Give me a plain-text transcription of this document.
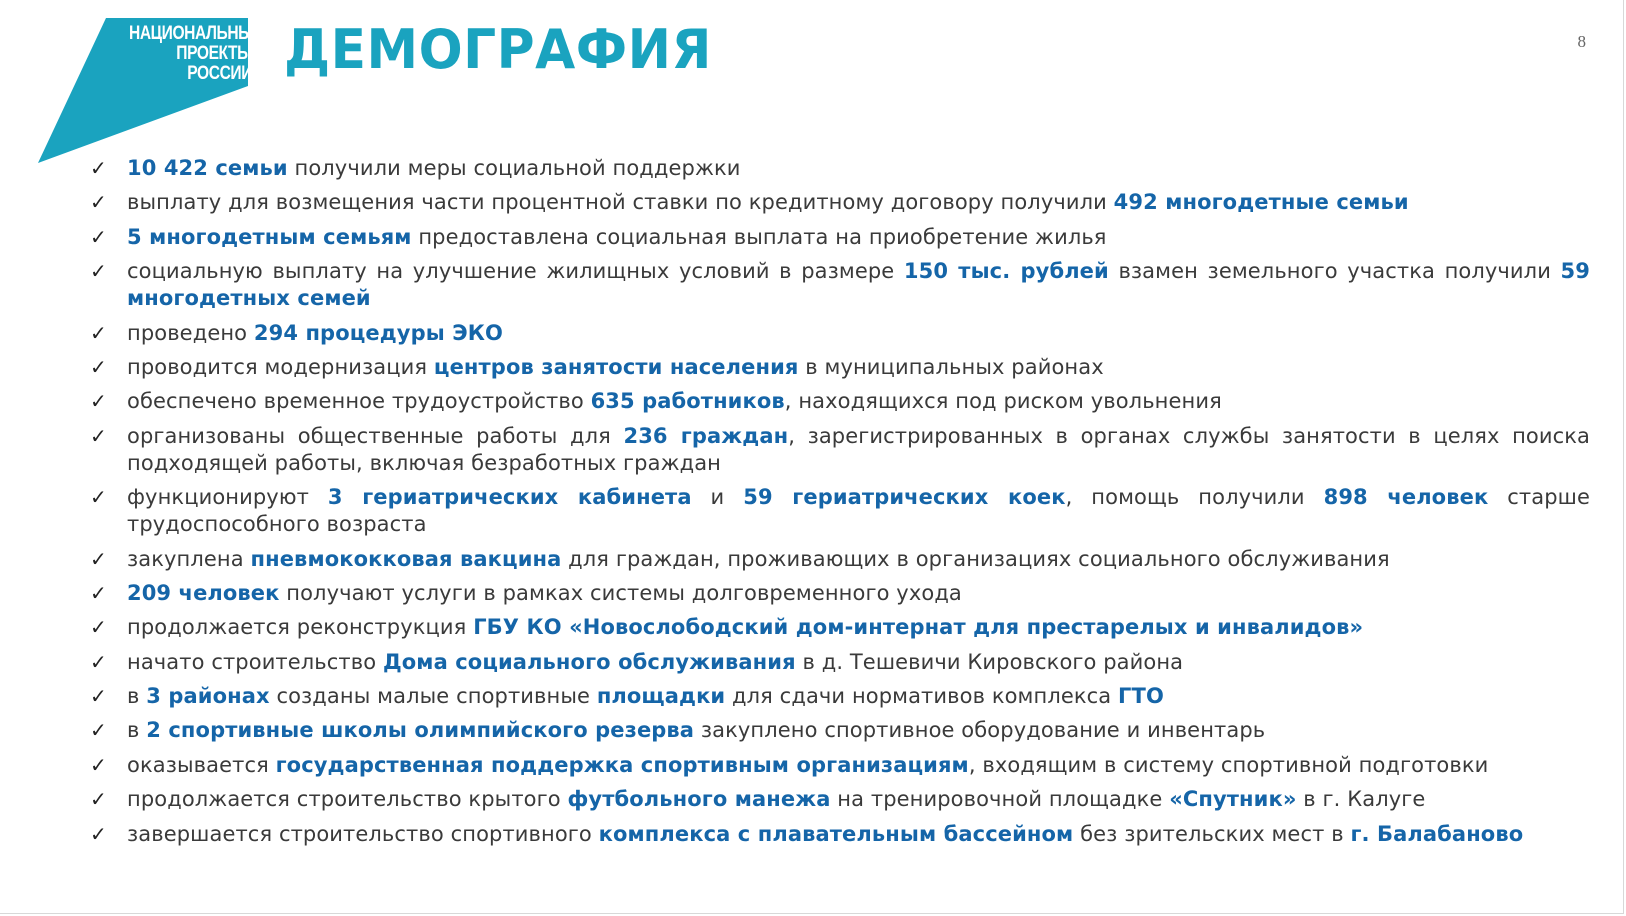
НАЦИОНАЛЬНЫЕ
ПРОЕКТЫ
РОССИИ ДЕМОГРАФИЯ	8
✓ 10 422 семьи получили меры социальной поддержки
✓ выплату для возмещения части процентной ставки по кредитному договору получили 492 многодетные семьи
✓ 5 многодетным семьям предоставлена социальная выплата на приобретение жилья
✓ социальную выплату на улучшение жилищных условий в размере 150 тыс. рублей взамен земельного участка получили 59 многодетных семей
✓ проведено 294 процедуры ЭКО
✓ проводится модернизация центров занятости населения в муниципальных районах
✓ обеспечено временное трудоустройство 635 работников, находящихся под риском увольнения
✓ организованы общественные работы для 236 граждан, зарегистрированных в органах службы занятости в целях поиска подходящей работы, включая безработных граждан
✓ функционируют 3 гериатрических кабинета и 59 гериатрических коек, помощь получили 898 человек старше трудоспособного возраста
✓ закуплена пневмококковая вакцина для граждан, проживающих в организациях социального обслуживания
✓ 209 человек получают услуги в рамках системы долговременного ухода
✓ продолжается реконструкция ГБУ КО «Новослободский дом-интернат для престарелых и инвалидов»
✓ начато строительство Дома социального обслуживания в д. Тешевичи Кировского района
✓ в 3 районах созданы малые спортивные площадки для сдачи нормативов комплекса ГТО
✓ в 2 спортивные школы олимпийского резерва закуплено спортивное оборудование и инвентарь
✓ оказывается государственная поддержка спортивным организациям, входящим в систему спортивной подготовки
✓ продолжается строительство крытого футбольного манежа на тренировочной площадке «Спутник» в г. Калуге
✓ завершается строительство спортивного комплекса с плавательным бассейном без зрительских мест в г. Балабаново
